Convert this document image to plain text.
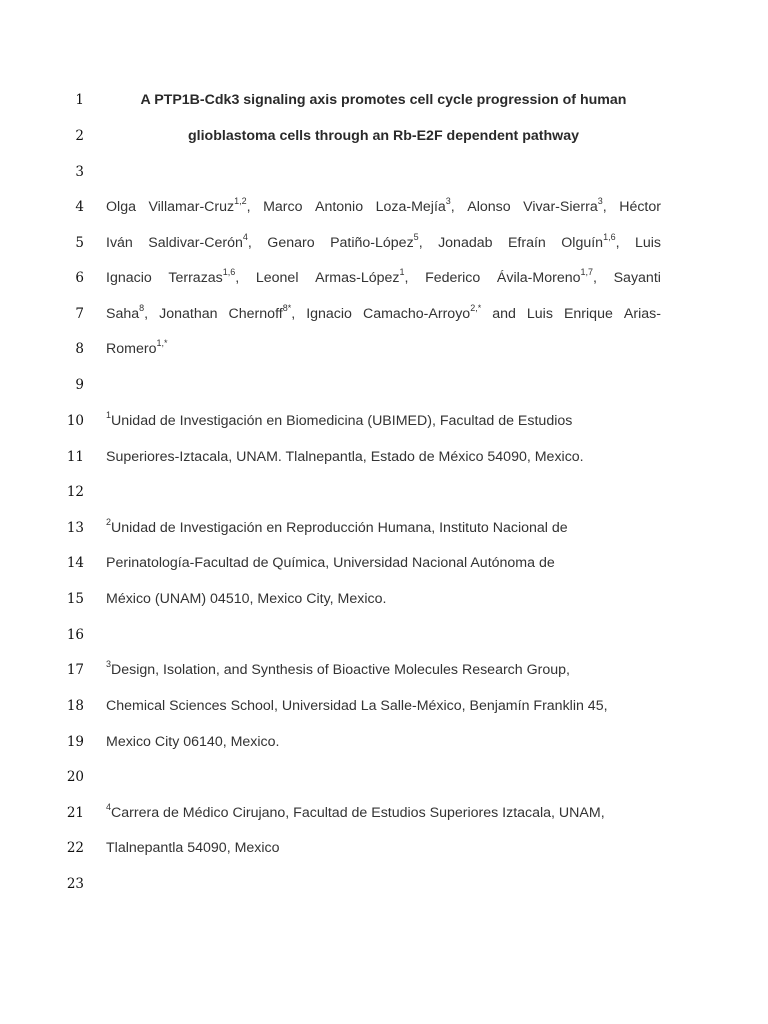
1
2
3
4
5
6
7
8
9
10
11
12
13
14
15
16
17
18
19
20
21
22
23
A PTP1B-Cdk3 signaling axis promotes cell cycle progression of human
glioblastoma cells through an Rb-E2F dependent pathway
Olga Villamar-Cruz$^{1,2}$, Marco Antonio Loza-Mejía$^3$, Alonso Vivar-Sierra$^3$, Héctor
Iván Saldivar-Cerón$^4$, Genaro Patiño-López$^5$, Jonadab Efraín Olguín$^{1,6}$, Luis
Ignacio Terrazas$^{1,6}$, Leonel Armas-López$^1$, Federico Ávila-Moreno$^{1,7}$, Sayanti
Saha$^8$, Jonathan Chernoff$^{8*}$, Ignacio Camacho-Arroyo$^{2,*}$ and Luis Enrique Arias-
Romero$^{1,*}$
$^1$Unidad de Investigación en Biomedicina (UBIMED), Facultad de Estudios
Superiores-Iztacala, UNAM. Tlalnepantla, Estado de México 54090, Mexico.
$^2$Unidad de Investigación en Reproducción Humana, Instituto Nacional de
Perinatología-Facultad de Química, Universidad Nacional Autónoma de
México (UNAM) 04510, Mexico City, Mexico.
$^3$Design, Isolation, and Synthesis of Bioactive Molecules Research Group,
Chemical Sciences School, Universidad La Salle-México, Benjamín Franklin 45,
Mexico City 06140, Mexico.
$^4$Carrera de Médico Cirujano, Facultad de Estudios Superiores Iztacala, UNAM,
Tlalnepantla 54090, Mexico
